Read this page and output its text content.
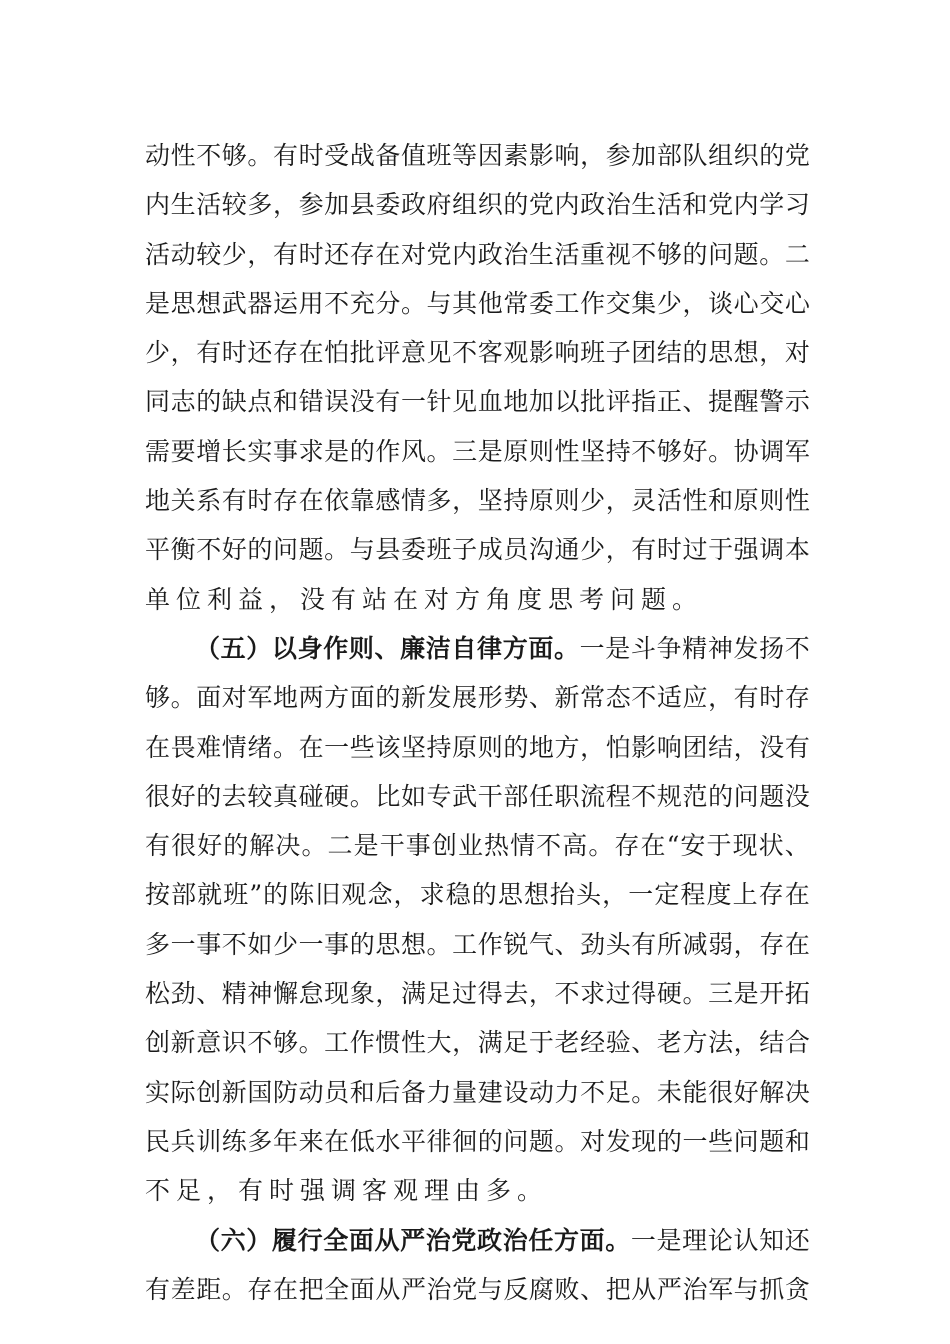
动 性 不 够 。 有 时 受 战 备 值 班 等 因 素 影 响 ， 参 加 部 队 组 织 的 党
内 生 活 较 多 ， 参 加 县 委 政 府 组 织 的 党 内 政 治 生 活 和 党 内 学 习
活 动 较 少 ， 有 时 还 存 在 对 党 内 政 治 生 活 重 视 不 够 的 问 题 。 二
是 思 想 武 器 运 用 不 充 分 。 与 其 他 常 委 工 作 交 集 少 ， 谈 心 交 心
少 ， 有 时 还 存 在 怕 批 评 意 见 不 客 观 影 响 班 子 团 结 的 思 想 ， 对
同 志 的 缺 点 和 错 误 没 有 一 针 见 血 地 加 以 批 评 指 正 、 提 醒 警 示
需 要 增 长 实 事 求 是 的 作 风 。 三 是 原 则 性 坚 持 不 够 好 。 协 调 军
地 关 系 有 时 存 在 依 靠 感 情 多 ， 坚 持 原 则 少 ， 灵 活 性 和 原 则 性
平 衡 不 好 的 问 题 。 与 县 委 班 子 成 员 沟 通 少 ， 有 时 过 于 强 调 本
单位利益，没有站在对方角度思考问题。
（ 五 ） 以 身 作 则 、 廉 洁 自 律 方 面 。 一 是 斗 争 精 神 发 扬 不
够 。 面 对 军 地 两 方 面 的 新 发 展 形 势 、 新 常 态 不 适 应 ， 有 时 存
在 畏 难 情 绪 。 在 一 些 该 坚 持 原 则 的 地 方 ， 怕 影 响 团 结 ， 没 有
很 好 的 去 较 真 碰 硬 。 比 如 专 武 干 部 任 职 流 程 不 规 范 的 问 题 没
有 很 好 的 解 决 。 二 是 干 事 创 业 热 情 不 高 。 存 在 “ 安 于 现 状 、
按 部 就 班 ” 的 陈 旧 观 念 ， 求 稳 的 思 想 抬 头 ， 一 定 程 度 上 存 在
多 一 事 不 如 少 一 事 的 思 想 。 工 作 锐 气 、 劲 头 有 所 减 弱 ， 存 在
松 劲 、 精 神 懈 怠 现 象 ， 满 足 过 得 去 ， 不 求 过 得 硬 。 三 是 开 拓
创 新 意 识 不 够 。 工 作 惯 性 大 ， 满 足 于 老 经 验 、 老 方 法 ， 结 合
实 际 创 新 国 防 动 员 和 后 备 力 量 建 设 动 力 不 足 。 未 能 很 好 解 决
民 兵 训 练 多 年 来 在 低 水 平 徘 徊 的 问 题 。 对 发 现 的 一 些 问 题 和
不足，有时强调客观理由多。
（ 六 ） 履 行 全 面 从 严 治 党 政 治 任 方 面 。 一 是 理 论 认 知 还
有 差 距 。 存 在 把 全 面 从 严 治 党 与 反 腐 败 、 把 从 严 治 军 与 抓 贪
